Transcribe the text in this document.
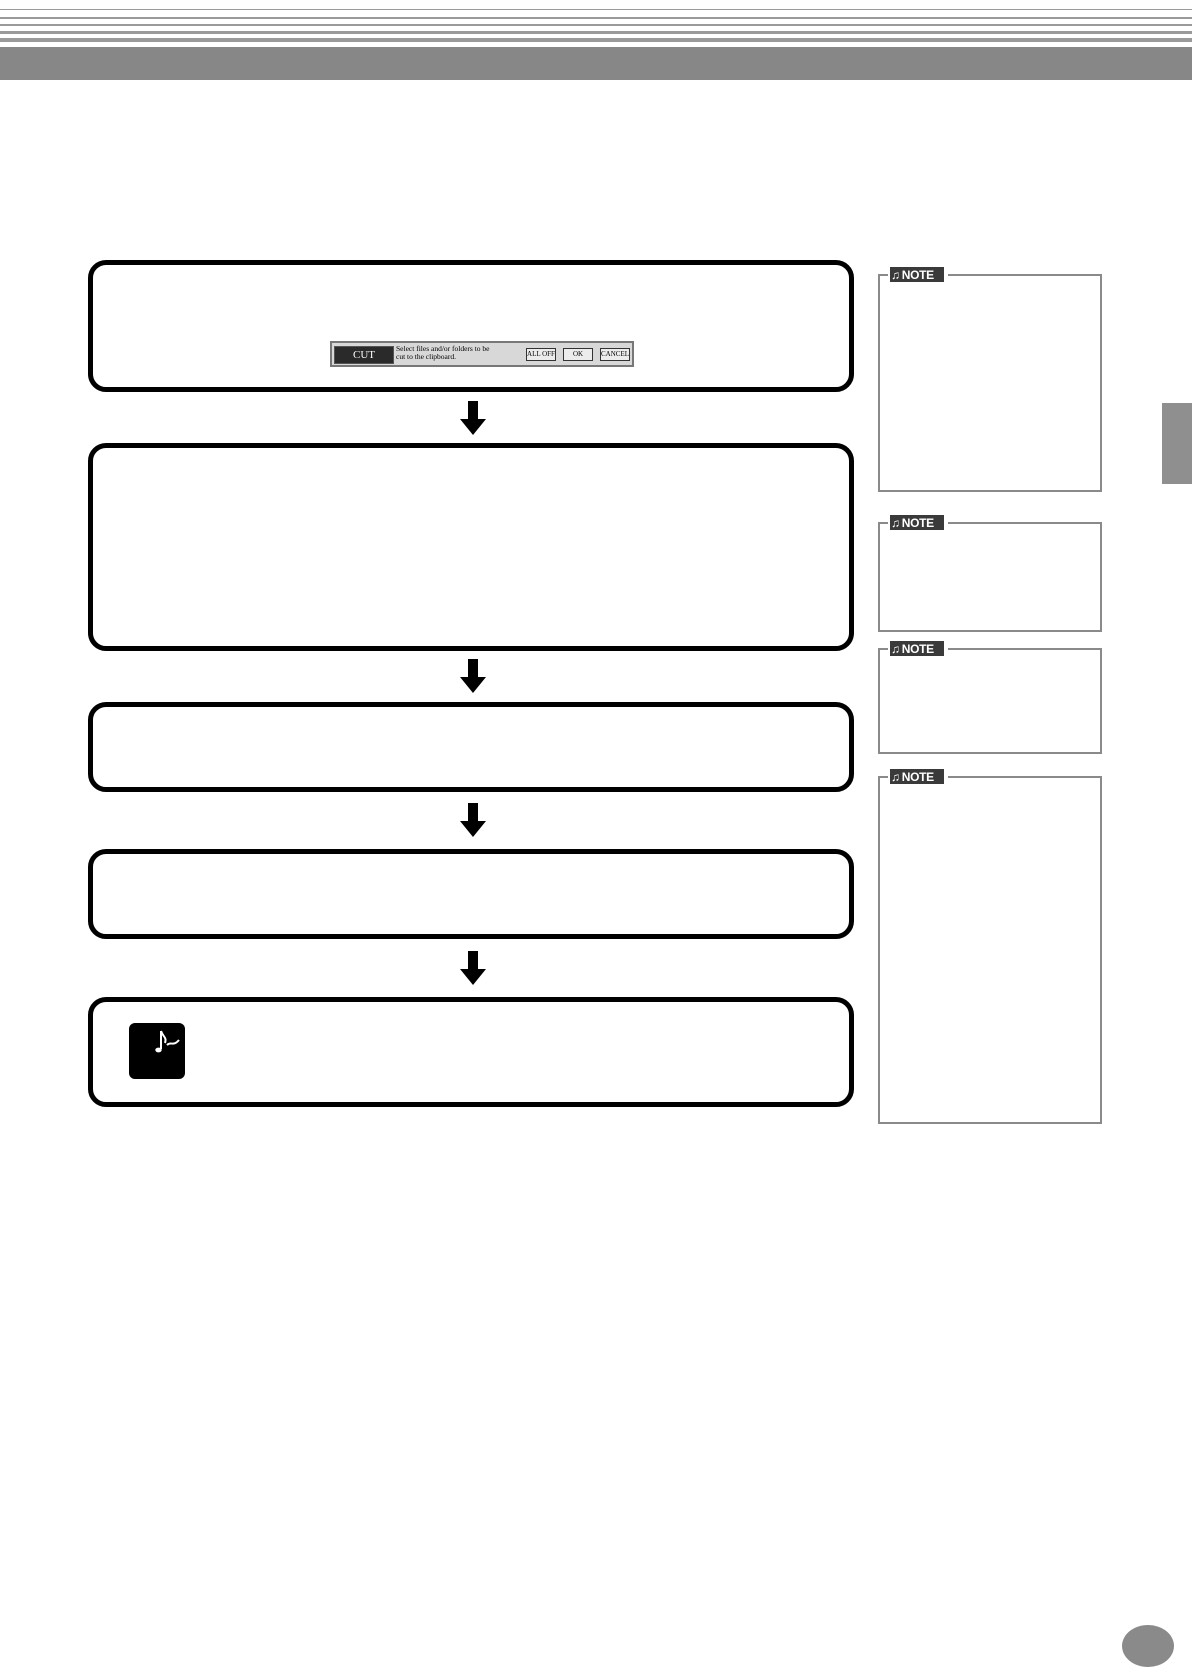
CUT
Select files and/or folders to be
cut to the clipboard.	ALL OFF	OK	CANCEL
♫ NOTE
♫ NOTE
♫ NOTE
♫ NOTE
